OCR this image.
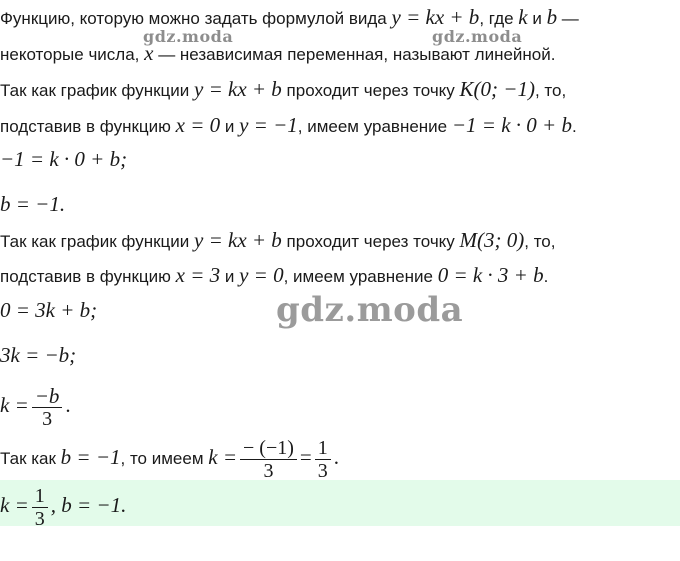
gdz.moda	gdz.moda
gdz.moda
Функцию, которую можно задать формулой вида y = kx + b, где k и b —
некоторые числа, x — независимая переменная, называют линейной.
Так как график функции y = kx + b проходит через точку K(0; −1), то,
подставив в функцию x = 0 и y = −1, имеем уравнение −1 = k · 0 + b.
−1 = k · 0 + b;
b = −1.
Так как график функции y = kx + b проходит через точку M(3; 0), то,
подставив в функцию x = 3 и y = 0, имеем уравнение 0 = k · 3 + b.
0 = 3k + b;
3k = −b;
$k = \frac{-b}{3}$ .
Так как b = −1, то имеем $k = \frac{- (-1)}{3} = \frac{1}{3}$ .
$k = \frac{1}{3}$ , b = −1.
